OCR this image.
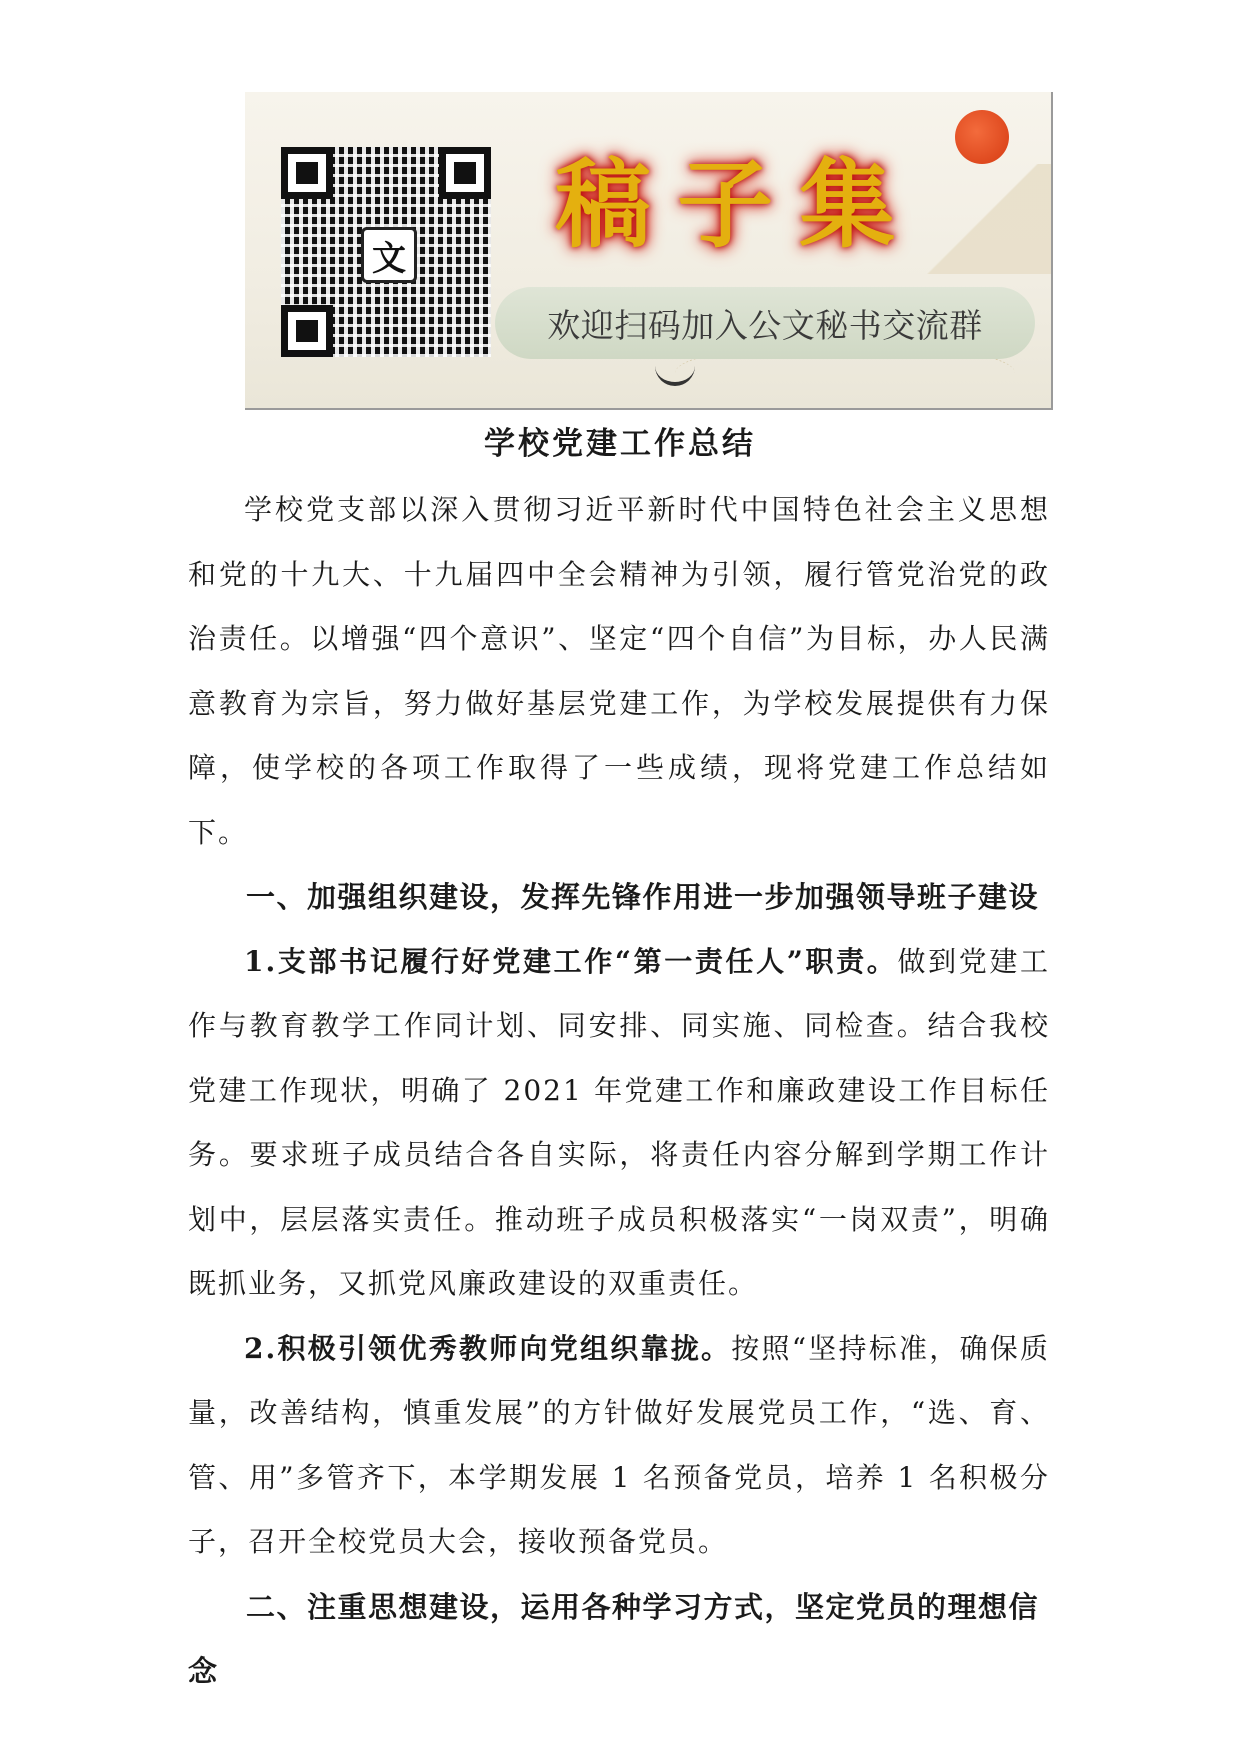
文 稿 子 集
欢迎扫码加入公文秘书交流群
学校党建工作总结

学校党支部以深入贯彻习近平新时代中国特色社会主义思想和党的十九大、十九届四中全会精神为引领，履行管党治党的政治责任。以增强“四个意识”、坚定“四个自信”为目标，办人民满意教育为宗旨，努力做好基层党建工作，为学校发展提供有力保障，使学校的各项工作取得了一些成绩，现将党建工作总结如下。

一、加强组织建设，发挥先锋作用进一步加强领导班子建设

1.支部书记履行好党建工作“第一责任人”职责。做到党建工作与教育教学工作同计划、同安排、同实施、同检查。结合我校党建工作现状，明确了 2021 年党建工作和廉政建设工作目标任务。要求班子成员结合各自实际，将责任内容分解到学期工作计划中，层层落实责任。推动班子成员积极落实“一岗双责”，明确既抓业务，又抓党风廉政建设的双重责任。

2.积极引领优秀教师向党组织靠拢。按照“坚持标准，确保质量，改善结构，慎重发展”的方针做好发展党员工作，“选、育、管、用”多管齐下，本学期发展 1 名预备党员，培养 1 名积极分子，召开全校党员大会，接收预备党员。

二、注重思想建设，运用各种学习方式，坚定党员的理想信念
